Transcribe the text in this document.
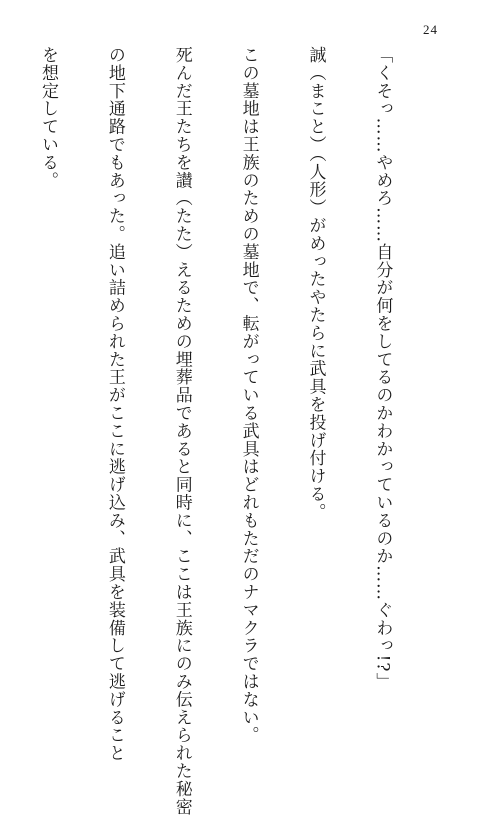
24

「くそっ……やめろ……自分が何をしてるのかわかっているのか……ぐわっ!?」

誠（まこと）（人形）がめったやたらに武具を投げ付ける。

この墓地は王族のための墓地で、転がっている武具はどれもただのナマクラではない。

死んだ王たちを讃（たた）えるための埋葬品であると同時に、ここは王族にのみ伝えられた秘密

の地下通路でもあった。追い詰められた王がここに逃げ込み、武具を装備して逃げること

を想定している。
